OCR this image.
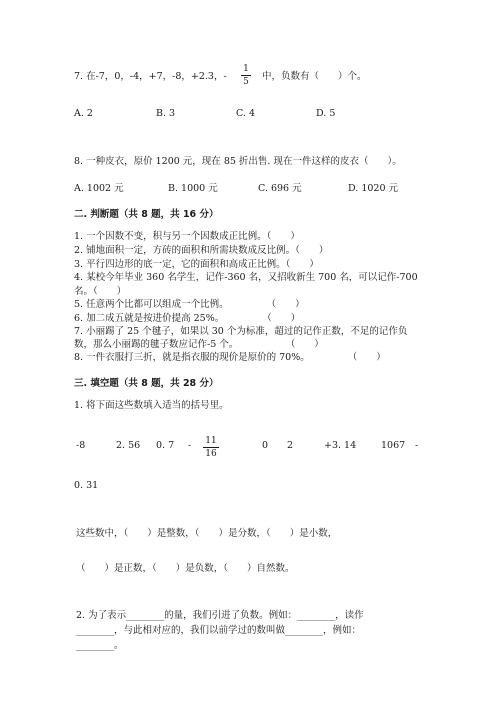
7. 在-7，0，-4，+7，-8，+2.3，-
1
5 中，负数有（　　）个。
A. 2	B. 3	C. 4	D. 5
8. 一种皮衣，原价 1200 元，现在 85 折出售. 现在一件这样的皮衣（　　）。
A. 1002 元	B. 1000 元	C. 696 元	D. 1020 元
二. 判断题（共 8 题，共 16 分）
1. 一个因数不变，积与另一个因数成正比例。（　　）
2. 铺地面积一定，方砖的面积和所需块数成反比例。（　　）
3. 平行四边形的底一定，它的面积和高成正比例。（　　）
4. 某校今年毕业 360 名学生，记作-360 名，又招收新生 700 名，可以记作-700
名。（　　）
5. 任意两个比都可以组成一个比例。　　　　　（　　）
6. 加二成五就是按进价提高 25%。　　　　　（　　）
7. 小丽踢了 25 个毽子，如果以 30 个为标准，超过的记作正数，不足的记作负
数，那么小丽踢的毽子数应记作-5 个。　　　　　　（　　）
8. 一件衣服打三折，就是指衣服的现价是原价的 70%。　　　　　（　　）
三. 填空题（共 8 题，共 28 分）
1. 将下面这些数填入适当的括号里。
-8	2. 56 0. 7 - 11
16
0 2	+3. 14	1067 -
0. 31
这些数中，（　　）是整数，（　　）是分数，（　　）是小数，
（　　）是正数，（　　）是负数，（　　）自然数。
2. 为了表示________的量，我们引进了负数。例如：________，读作
________，与此相对应的，我们以前学过的数叫做________，例如：
________。
